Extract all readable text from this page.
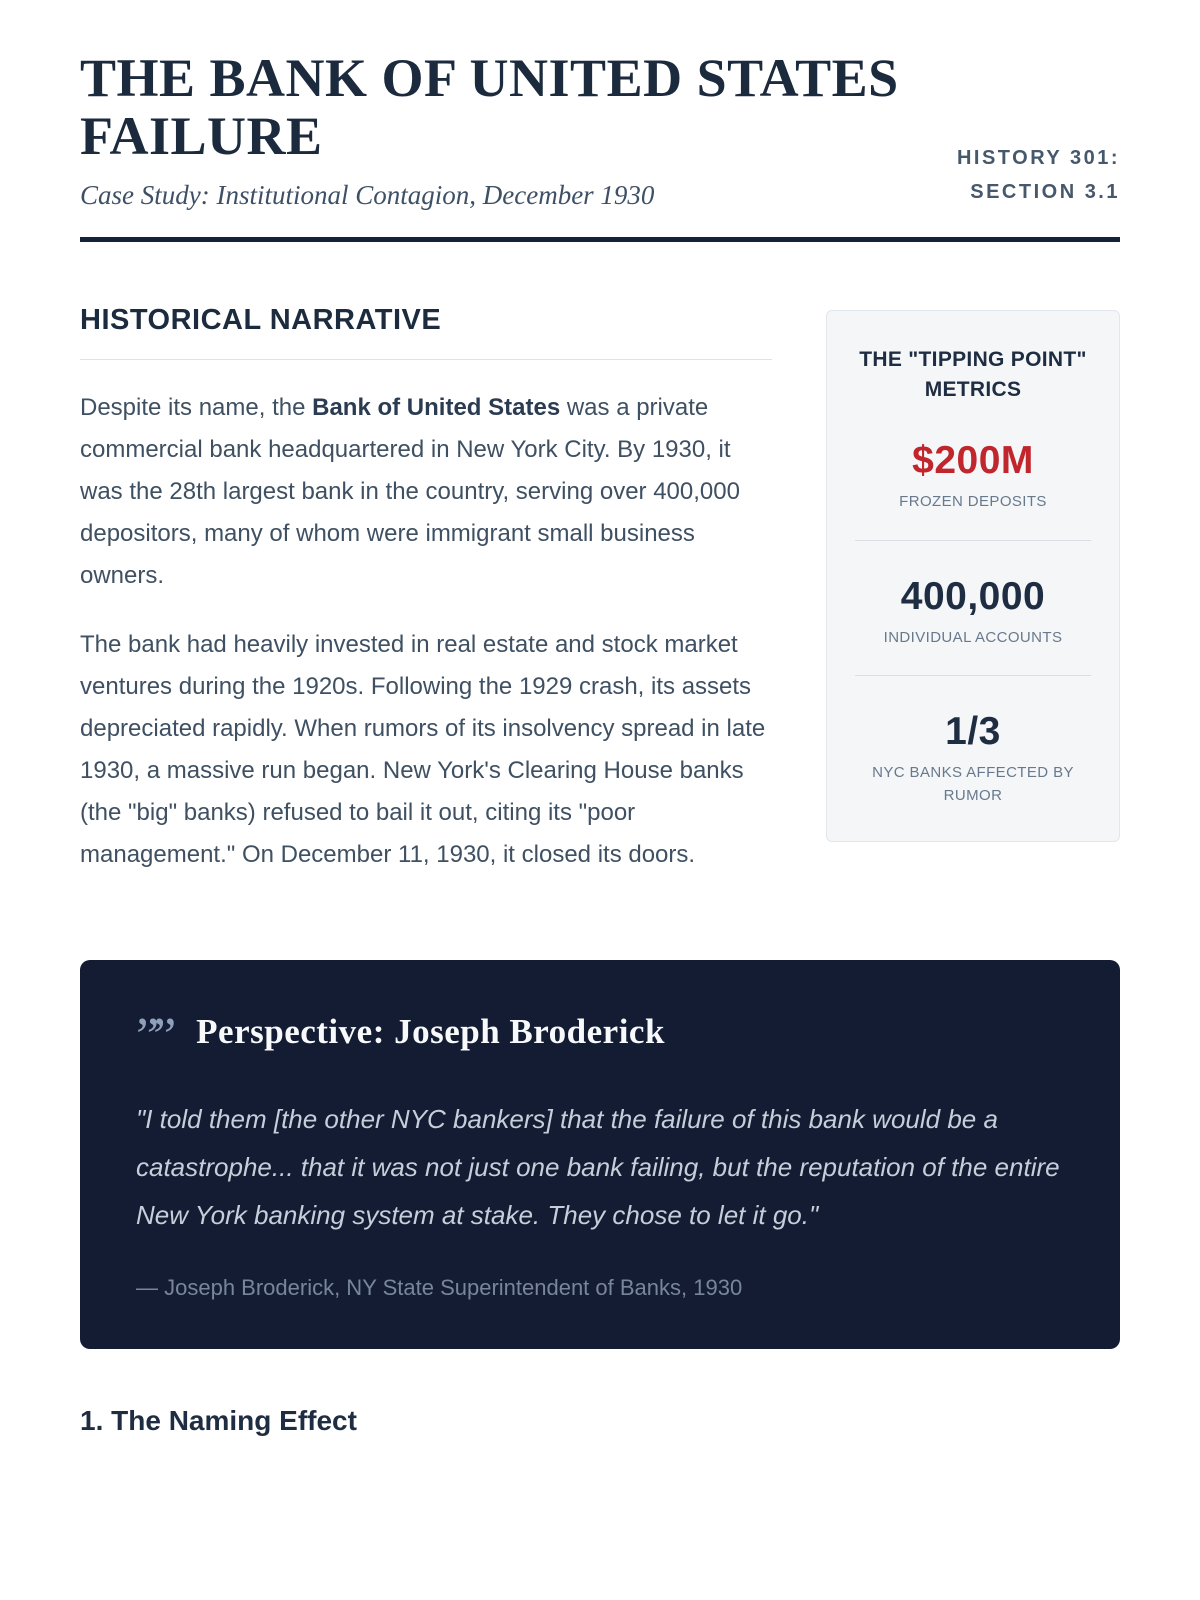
THE BANK OF UNITED STATES
FAILURE

Case Study: Institutional Contagion, December 1930

HISTORY 301:
SECTION 3.1
HISTORICAL NARRATIVE

Despite its name, the Bank of United States was a private commercial bank headquartered in New York City. By 1930, it was the 28th largest bank in the country, serving over 400,000 depositors, many of whom were immigrant small business owners.

The bank had heavily invested in real estate and stock market ventures during the 1920s. Following the 1929 crash, its assets depreciated rapidly. When rumors of its insolvency spread in late 1930, a massive run began. New York's Clearing House banks (the "big" banks) refused to bail it out, citing its "poor management." On December 11, 1930, it closed its doors.

THE "TIPPING POINT" METRICS
$200M
FROZEN DEPOSITS
400,000
INDIVIDUAL ACCOUNTS
1/3
NYC BANKS AFFECTED BY RUMOR
”” Perspective: Joseph Broderick

"I told them [the other NYC bankers] that the failure of this bank would be a catastrophe... that it was not just one bank failing, but the reputation of the entire New York banking system at stake. They chose to let it go."

— Joseph Broderick, NY State Superintendent of Banks, 1930

1. The Naming Effect
